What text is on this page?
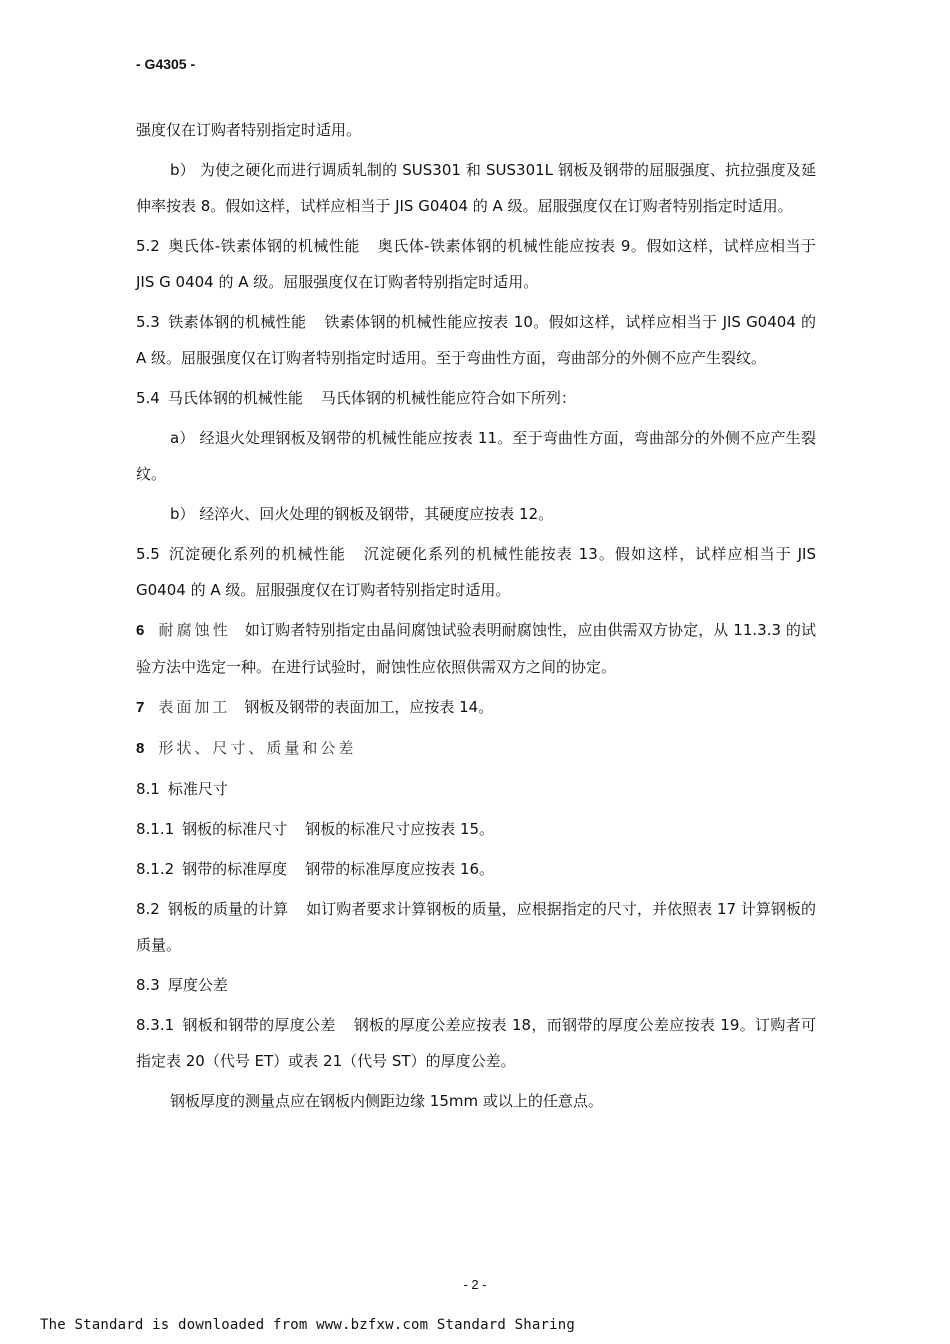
- G4305 -

强度仅在订购者特别指定时适用。

b） 为使之硬化而进行调质轧制的 SUS301 和 SUS301L 钢板及钢带的屈服强度、抗拉强度及延伸率按表 8。假如这样，试样应相当于 JIS G0404 的 A 级。屈服强度仅在订购者特别指定时适用。

5.2 奥氏体-铁素体钢的机械性能 奥氏体-铁素体钢的机械性能应按表 9。假如这样，试样应相当于 JIS G 0404 的 A 级。屈服强度仅在订购者特别指定时适用。

5.3 铁素体钢的机械性能 铁素体钢的机械性能应按表 10。假如这样，试样应相当于 JIS G0404 的 A 级。屈服强度仅在订购者特别指定时适用。至于弯曲性方面，弯曲部分的外侧不应产生裂纹。

5.4 马氏体钢的机械性能 马氏体钢的机械性能应符合如下所列：

a） 经退火处理钢板及钢带的机械性能应按表 11。至于弯曲性方面，弯曲部分的外侧不应产生裂纹。

b） 经淬火、回火处理的钢板及钢带，其硬度应按表 12。

5.5 沉淀硬化系列的机械性能 沉淀硬化系列的机械性能按表 13。假如这样，试样应相当于 JIS G0404 的 A 级。屈服强度仅在订购者特别指定时适用。

6 耐腐蚀性 如订购者特别指定由晶间腐蚀试验表明耐腐蚀性，应由供需双方协定，从 11.3.3 的试验方法中选定一种。在进行试验时，耐蚀性应依照供需双方之间的协定。

7 表面加工 钢板及钢带的表面加工，应按表 14。

8 形状、尺寸、质量和公差

8.1 标准尺寸

8.1.1 钢板的标准尺寸 钢板的标准尺寸应按表 15。

8.1.2 钢带的标准厚度 钢带的标准厚度应按表 16。

8.2 钢板的质量的计算 如订购者要求计算钢板的质量，应根据指定的尺寸，并依照表 17 计算钢板的质量。

8.3 厚度公差

8.3.1 钢板和钢带的厚度公差 钢板的厚度公差应按表 18，而钢带的厚度公差应按表 19。订购者可指定表 20（代号 ET）或表 21（代号 ST）的厚度公差。

钢板厚度的测量点应在钢板内侧距边缘 15mm 或以上的任意点。

- 2 -
The Standard is downloaded from www.bzfxw.com Standard Sharing
